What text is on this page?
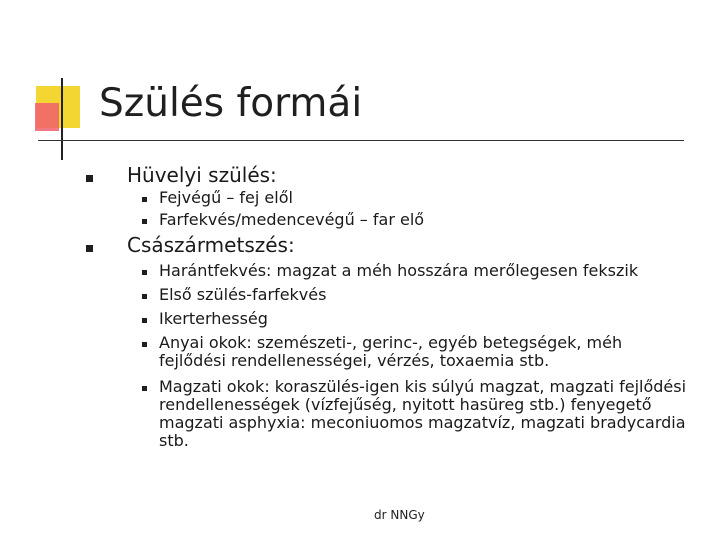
Szülés formái
Hüvelyi szülés:
Fejvégű – fej elől
Farfekvés/medencevégű – far elő
Császármetszés:
Harántfekvés: magzat a méh hosszára merőlegesen fekszik
Első szülés-farfekvés
Ikerterhesség
Anyai okok: szemészeti-, gerinc-, egyéb betegségek, méh fejlődési rendellenességei, vérzés, toxaemia stb.
Magzati okok: koraszülés-igen kis súlyú magzat, magzati fejlődési rendellenességek (vízfejűség, nyitott hasüreg stb.) fenyegető magzati asphyxia: meconiuomos magzatvíz, magzati bradycardia stb.
dr NNGy
